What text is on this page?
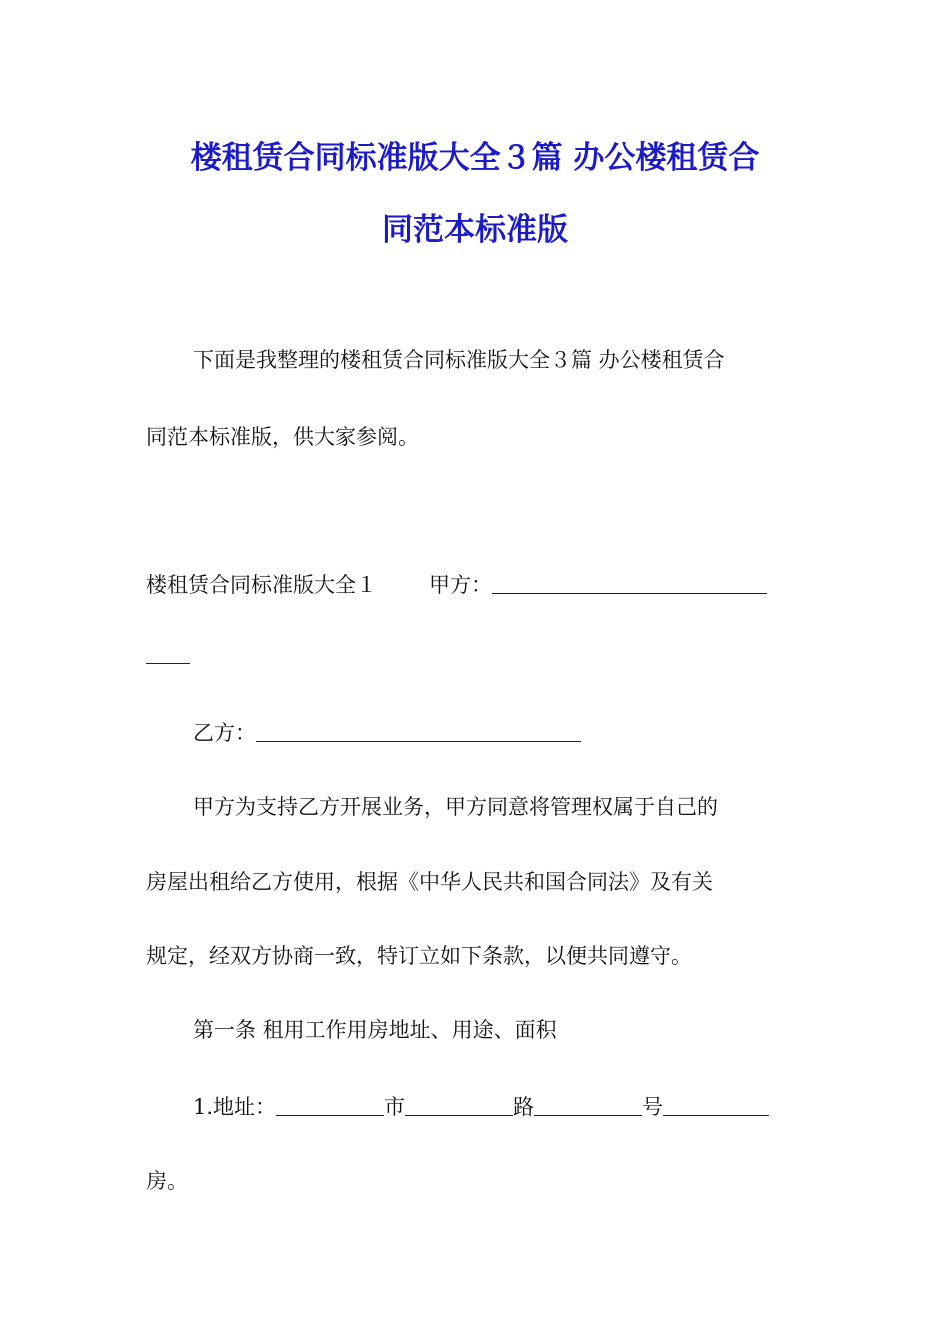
楼租赁合同标准版大全３篇 办公楼租赁合
同范本标准版
下面是我整理的楼租赁合同标准版大全３篇 办公楼租赁合
同范本标准版，供大家参阅。
楼租赁合同标准版大全１ 甲方：
乙方：
甲方为支持乙方开展业务，甲方同意将管理权属于自己的
房屋出租给乙方使用，根据《中华人民共和国合同法》及有关
规定，经双方协商一致，特订立如下条款，以便共同遵守。
第一条 租用工作用房地址、用途、面积
1.地址：	市	路	号
房。
